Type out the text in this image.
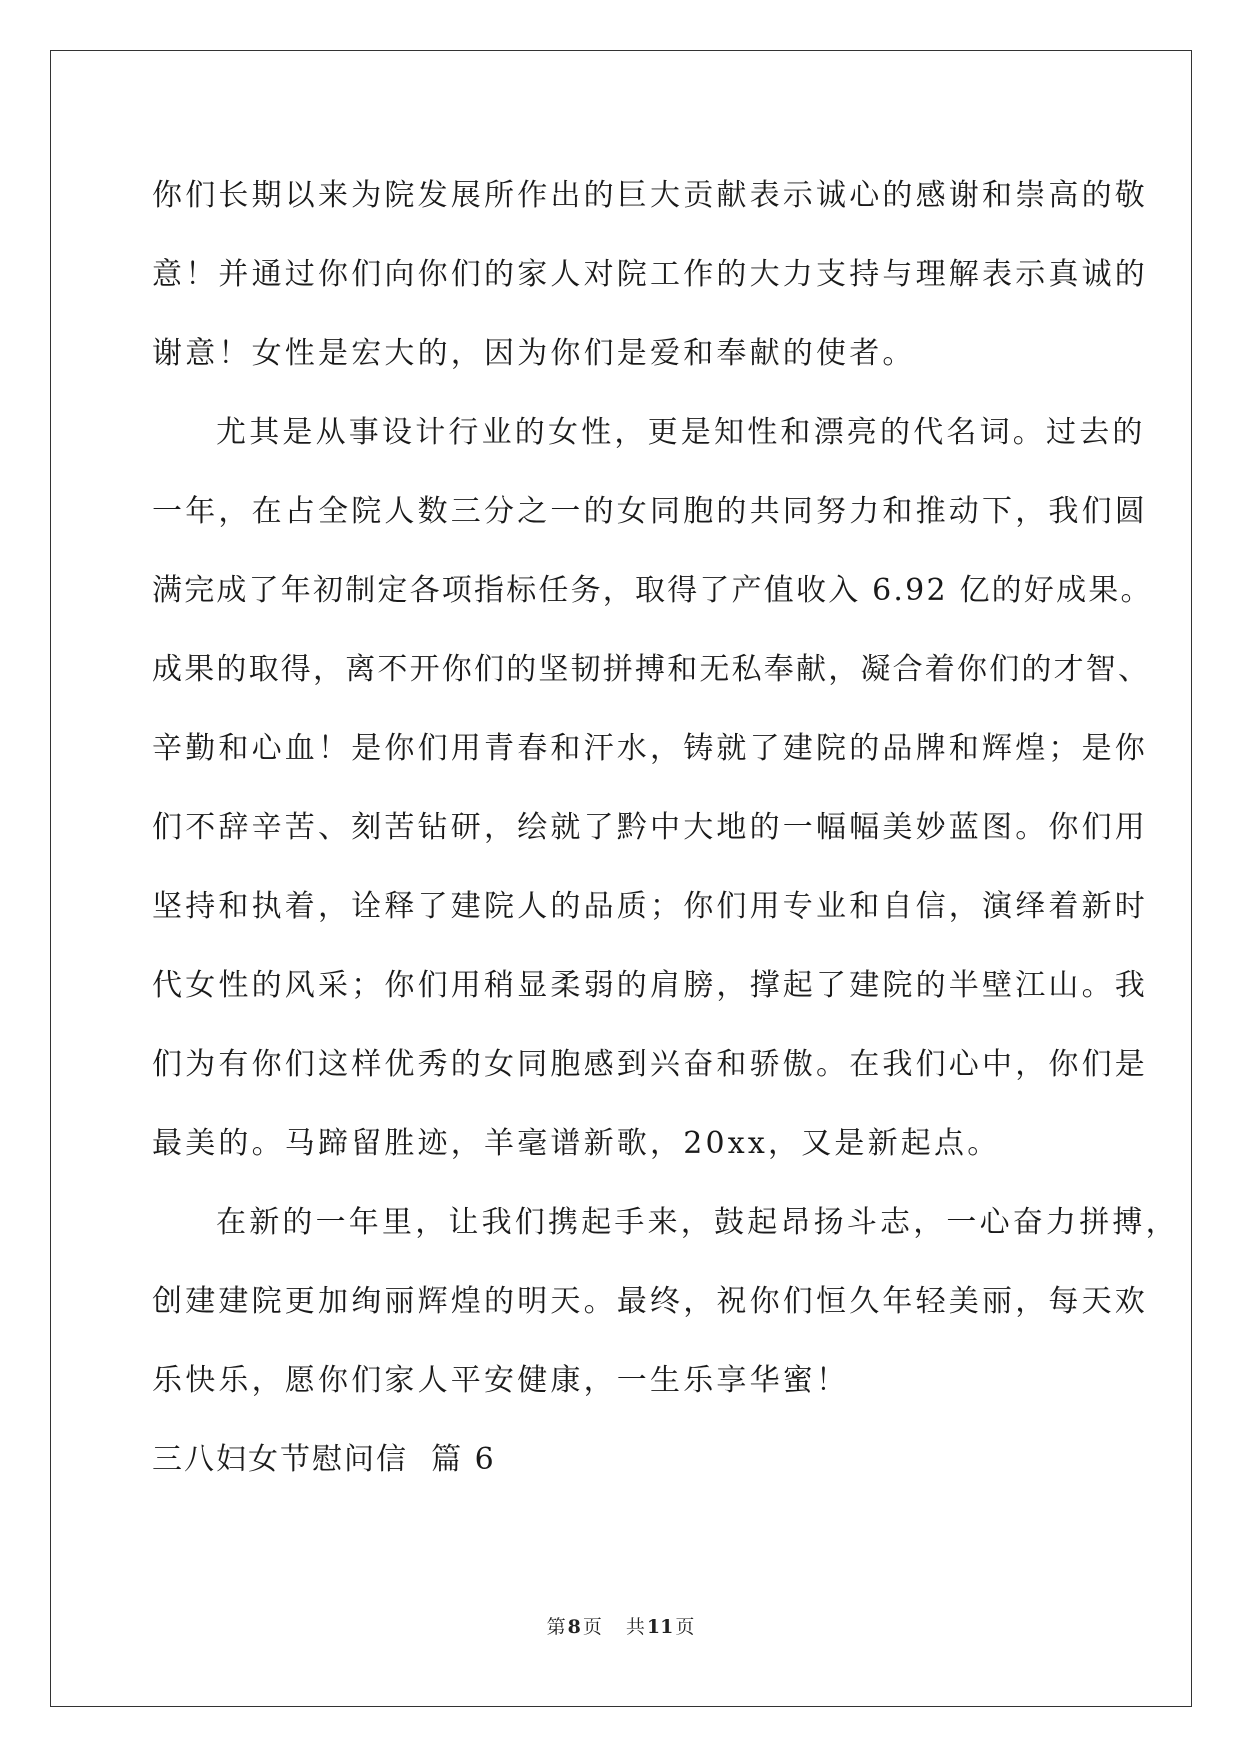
你们长期以来为院发展所作出的巨大贡献表示诚心的感谢和崇高的敬
意！并通过你们向你们的家人对院工作的大力支持与理解表示真诚的
谢意！女性是宏大的，因为你们是爱和奉献的使者。
尤其是从事设计行业的女性，更是知性和漂亮的代名词。过去的
一年，在占全院人数三分之一的女同胞的共同努力和推动下，我们圆
满完成了年初制定各项指标任务，取得了产值收入 6.92 亿的好成果。
成果的取得，离不开你们的坚韧拼搏和无私奉献，凝合着你们的才智、
辛勤和心血！是你们用青春和汗水，铸就了建院的品牌和辉煌；是你
们不辞辛苦、刻苦钻研，绘就了黔中大地的一幅幅美妙蓝图。你们用
坚持和执着，诠释了建院人的品质；你们用专业和自信，演绎着新时
代女性的风采；你们用稍显柔弱的肩膀，撑起了建院的半壁江山。我
们为有你们这样优秀的女同胞感到兴奋和骄傲。在我们心中，你们是
最美的。马蹄留胜迹，羊毫谱新歌，20xx，又是新起点。
在新的一年里，让我们携起手来，鼓起昂扬斗志，一心奋力拼搏，
创建建院更加绚丽辉煌的明天。最终，祝你们恒久年轻美丽，每天欢
乐快乐，愿你们家人平安健康，一生乐享华蜜！
三八妇女节慰问信  篇 6
第 8 页 共 11 页
